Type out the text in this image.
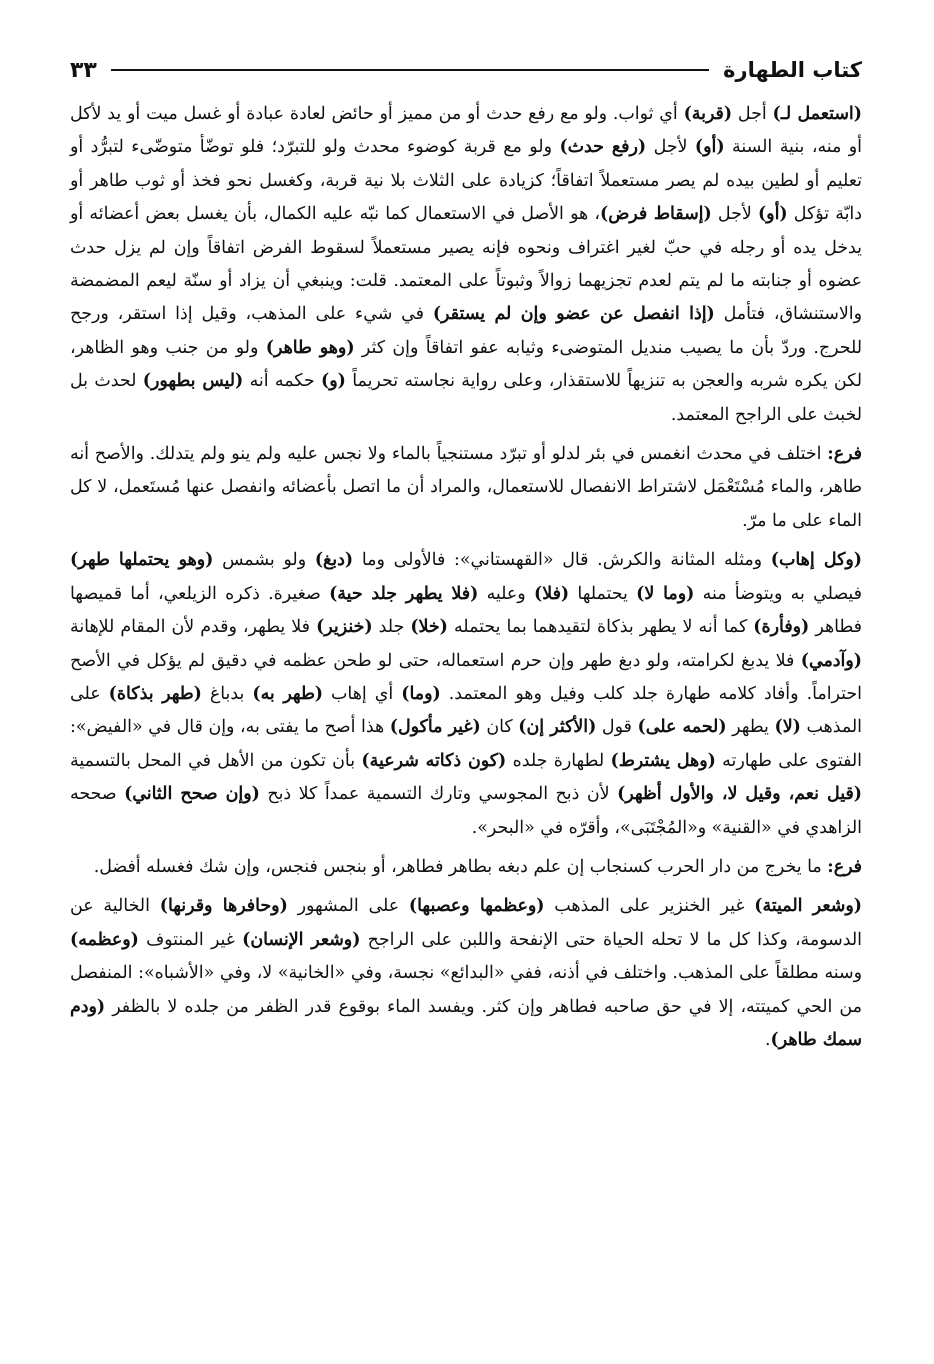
كتاب الطهارة
٣٣

(استعمل لـ) أجل (قربة) أي ثواب. ولو مع رفع حدث أو من مميز أو حائض لعادة عبادة أو غسل ميت أو يد لأكل أو منه، بنية السنة (أو) لأجل (رفع حدث) ولو مع قربة كوضوء محدث ولو للتبرّد؛ فلو توضّأ متوضّىء لتبرُّد أو تعليم أو لطين بيده لم يصر مستعملاً اتفاقاً؛ كزيادة على الثلاث بلا نية قربة، وكغسل نحو فخذ أو ثوب طاهر أو دابّة تؤكل (أو) لأجل (إسقاط فرض)، هو الأصل في الاستعمال كما نبّه عليه الكمال، بأن يغسل بعض أعضائه أو يدخل يده أو رجله في حبّ لغير اغتراف ونحوه فإنه يصير مستعملاً لسقوط الفرض اتفاقاً وإن لم يزل حدث عضوه أو جنابته ما لم يتم لعدم تجزيهما زوالاً وثبوتاً على المعتمد. قلت: وينبغي أن يزاد أو سنّة ليعم المضمضة والاستنشاق، فتأمل (إذا انفصل عن عضو وإن لم يستقر) في شيء على المذهب، وقيل إذا استقر، ورجح للحرج. وردّ بأن ما يصيب منديل المتوضىء وثيابه عفو اتفاقاً وإن كثر (وهو طاهر) ولو من جنب وهو الظاهر، لكن يكره شربه والعجن به تنزيهاً للاستقذار، وعلى رواية نجاسته تحريماً (و) حكمه أنه (ليس بطهور) لحدث بل لخبث على الراجح المعتمد.

فرع: اختلف في محدث انغمس في بئر لدلو أو تبرّد مستنجياً بالماء ولا نجس عليه ولم ينو ولم يتدلك. والأصح أنه طاهر، والماء مُسْتَعْمَل لاشتراط الانفصال للاستعمال، والمراد أن ما اتصل بأعضائه وانفصل عنها مُستَعمل، لا كل الماء على ما مرّ.

(وكل إهاب) ومثله المثانة والكرش. قال «القهستاني»: فالأولى وما (دبغ) ولو بشمس (وهو يحتملها طهر) فيصلي به ويتوضأ منه (وما لا) يحتملها (فلا) وعليه (فلا يطهر جلد حية) صغيرة. ذكره الزيلعي، أما قميصها فطاهر (وفأرة) كما أنه لا يطهر بذكاة لتقيدهما بما يحتمله (خلا) جلد (خنزير) فلا يطهر، وقدم لأن المقام للإهانة (وآدمي) فلا يدبغ لكرامته، ولو دبغ طهر وإن حرم استعماله، حتى لو طحن عظمه في دقيق لم يؤكل في الأصح احتراماً. وأفاد كلامه طهارة جلد كلب وفيل وهو المعتمد. (وما) أي إهاب (طهر به) بدباغ (طهر بذكاة) على المذهب (لا) يطهر (لحمه على) قول (الأكثر إن) كان (غير مأكول) هذا أصح ما يفتى به، وإن قال في «الفيض»: الفتوى على طهارته (وهل يشترط) لطهارة جلده (كون ذكاته شرعية) بأن تكون من الأهل في المحل بالتسمية (قيل نعم، وقيل لا، والأول أظهر) لأن ذبح المجوسي وتارك التسمية عمداً كلا ذبح (وإن صحح الثاني) صححه الزاهدي في «القنية» و«المُجْتَبَى»، وأقرّه في «البحر».

فرع: ما يخرج من دار الحرب كسنجاب إن علم دبغه بطاهر فطاهر، أو بنجس فنجس، وإن شك فغسله أفضل.

(وشعر الميتة) غير الخنزير على المذهب (وعظمها وعصبها) على المشهور (وحافرها وقرنها) الخالية عن الدسومة، وكذا كل ما لا تحله الحياة حتى الإنفحة واللبن على الراجح (وشعر الإنسان) غير المنتوف (وعظمه) وسنه مطلقاً على المذهب. واختلف في أذنه، ففي «البدائع» نجسة، وفي «الخانية» لا، وفي «الأشباه»: المنفصل من الحي كميتته، إلا في حق صاحبه فطاهر وإن كثر. ويفسد الماء بوقوع قدر الظفر من جلده لا بالظفر (ودم سمك طاهر).
